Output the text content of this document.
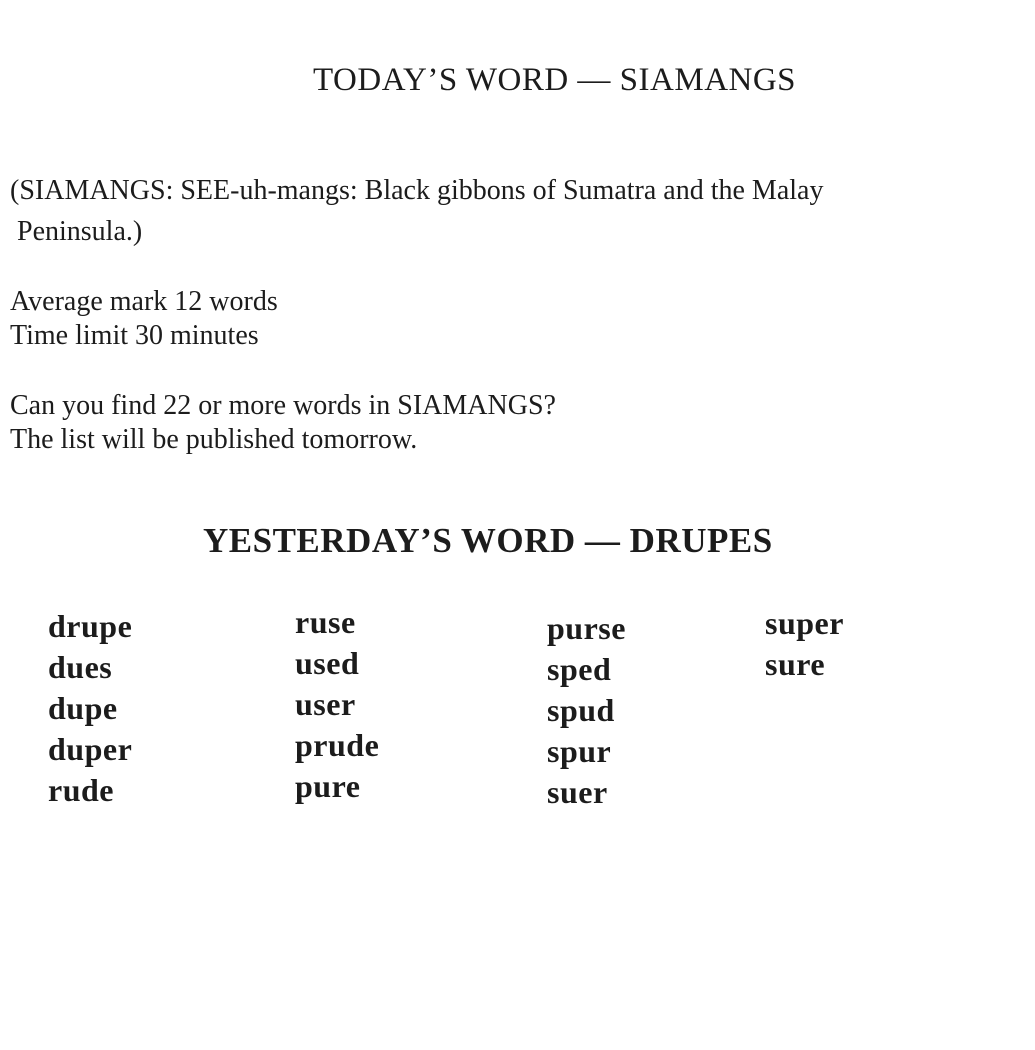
TODAY’S WORD — SIAMANGS
(SIAMANGS: SEE-uh-mangs: Black gibbons of Sumatra and the Malay
Peninsula.)
Average mark 12 words
Time limit 30 minutes
Can you find 22 or more words in SIAMANGS?
The list will be published tomorrow.
YESTERDAY’S WORD — DRUPES
drupe
dues
dupe
duper
rude
ruse
used
user
prude
pure
purse
sped
spud
spur
suer
super
sure
